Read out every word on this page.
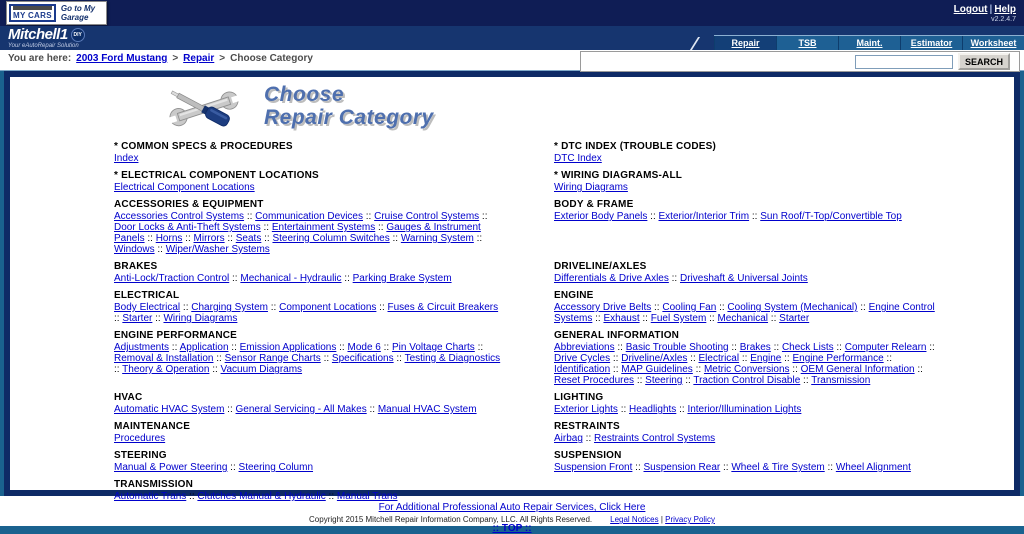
MY CARS
Go to My Garage
Logout | Help
v2.2.4.7
Mitchell1	DIY
Your eAutoRepair Solution	Repair	TSB	Maint.	Estimator	Worksheet
You are here: 2003 Ford Mustang > Repair > Choose Category	SEARCH
Choose
Repair Category
* COMMON SPECS & PROCEDURES
Index
* DTC INDEX (TROUBLE CODES)
DTC Index
* ELECTRICAL COMPONENT LOCATIONS
Electrical Component Locations
* WIRING DIAGRAMS-ALL
Wiring Diagrams
ACCESSORIES & EQUIPMENT
Accessories Control Systems :: Communication Devices :: Cruise Control Systems :: Door Locks & Anti-Theft Systems :: Entertainment Systems :: Gauges & Instrument Panels :: Horns :: Mirrors :: Seats :: Steering Column Switches :: Warning System :: Windows :: Wiper/Washer Systems
BODY & FRAME
Exterior Body Panels :: Exterior/Interior Trim :: Sun Roof/T-Top/Convertible Top
BRAKES
Anti-Lock/Traction Control :: Mechanical - Hydraulic :: Parking Brake System
DRIVELINE/AXLES
Differentials & Drive Axles :: Driveshaft & Universal Joints
ELECTRICAL
Body Electrical :: Charging System :: Component Locations :: Fuses & Circuit Breakers :: Starter :: Wiring Diagrams
ENGINE
Accessory Drive Belts :: Cooling Fan :: Cooling System (Mechanical) :: Engine Control Systems :: Exhaust :: Fuel System :: Mechanical :: Starter
ENGINE PERFORMANCE
Adjustments :: Application :: Emission Applications :: Mode 6 :: Pin Voltage Charts :: Removal & Installation :: Sensor Range Charts :: Specifications :: Testing & Diagnostics :: Theory & Operation :: Vacuum Diagrams
GENERAL INFORMATION
Abbreviations :: Basic Trouble Shooting :: Brakes :: Check Lists :: Computer Relearn :: Drive Cycles :: Driveline/Axles :: Electrical :: Engine :: Engine Performance :: Identification :: MAP Guidelines :: Metric Conversions :: OEM General Information :: Reset Procedures :: Steering :: Traction Control Disable :: Transmission
HVAC
Automatic HVAC System :: General Servicing - All Makes :: Manual HVAC System
LIGHTING
Exterior Lights :: Headlights :: Interior/Illumination Lights
MAINTENANCE
Procedures
RESTRAINTS
Airbag :: Restraints Control Systems
STEERING
Manual & Power Steering :: Steering Column
SUSPENSION
Suspension Front :: Suspension Rear :: Wheel & Tire System :: Wheel Alignment
TRANSMISSION
Automatic Trans :: Clutches Manual & Hydraulic :: Manual Trans
For Additional Professional Auto Repair Services, Click Here
Copyright 2015 Mitchell Repair Information Company, LLC. All Rights Reserved. Legal Notices | Privacy Policy
:: TOP ::
